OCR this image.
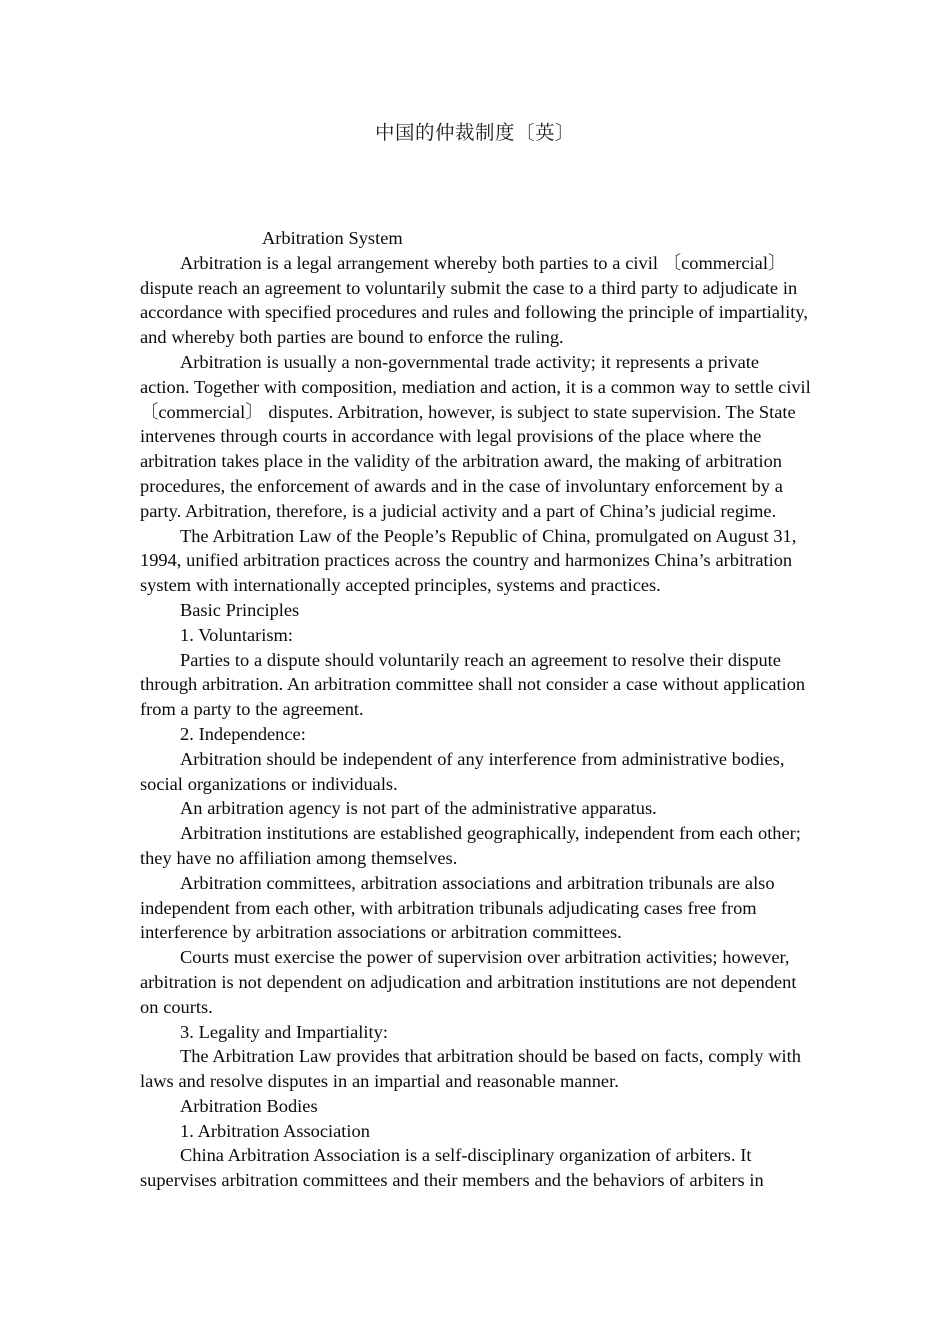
中国的仲裁制度〔英〕

Arbitration System

Arbitration is a legal arrangement whereby both parties to a civil 〔commercial〕 dispute reach an agreement to voluntarily submit the case to a third party to adjudicate in accordance with specified procedures and rules and following the principle of impartiality, and whereby both parties are bound to enforce the ruling.

Arbitration is usually a non-governmental trade activity; it represents a private action. Together with composition, mediation and action, it is a common way to settle civil 〔commercial〕 disputes. Arbitration, however, is subject to state supervision. The State intervenes through courts in accordance with legal provisions of the place where the arbitration takes place in the validity of the arbitration award, the making of arbitration procedures, the enforcement of awards and in the case of involuntary enforcement by a party. Arbitration, therefore, is a judicial activity and a part of China’s judicial regime.

The Arbitration Law of the People’s Republic of China, promulgated on August 31, 1994, unified arbitration practices across the country and harmonizes China’s arbitration system with internationally accepted principles, systems and practices.

Basic Principles

1. Voluntarism:

Parties to a dispute should voluntarily reach an agreement to resolve their dispute through arbitration. An arbitration committee shall not consider a case without application from a party to the agreement.

2. Independence:

Arbitration should be independent of any interference from administrative bodies, social organizations or individuals.

An arbitration agency is not part of the administrative apparatus.

Arbitration institutions are established geographically, independent from each other; they have no affiliation among themselves.

Arbitration committees, arbitration associations and arbitration tribunals are also independent from each other, with arbitration tribunals adjudicating cases free from interference by arbitration associations or arbitration committees.

Courts must exercise the power of supervision over arbitration activities; however, arbitration is not dependent on adjudication and arbitration institutions are not dependent on courts.

3. Legality and Impartiality:

The Arbitration Law provides that arbitration should be based on facts, comply with laws and resolve disputes in an impartial and reasonable manner.

Arbitration Bodies

1. Arbitration Association

China Arbitration Association is a self-disciplinary organization of arbiters. It supervises arbitration committees and their members and the behaviors of arbiters in
